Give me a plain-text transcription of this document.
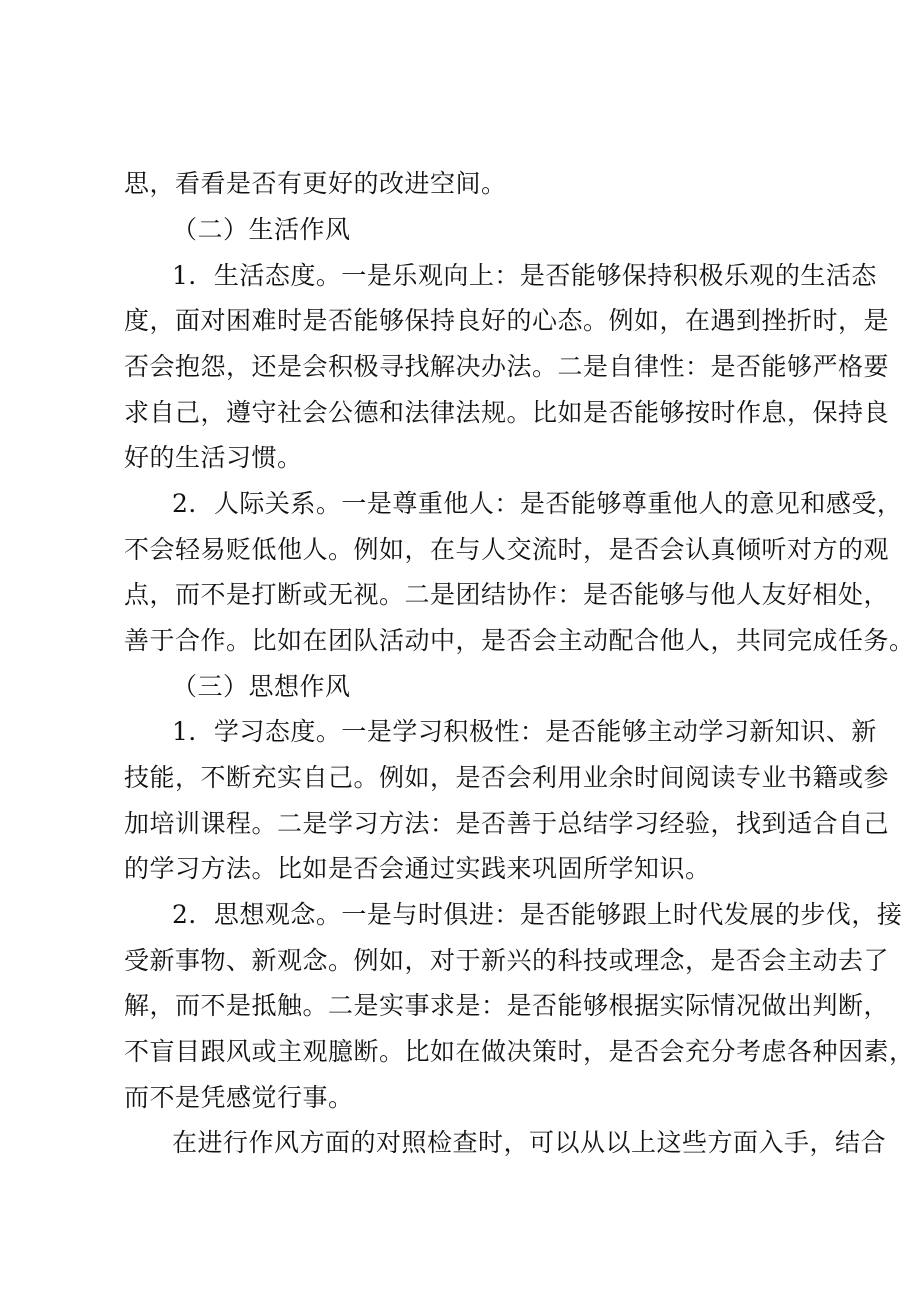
思，看看是否有更好的改进空间。
（二）生活作风
1．生活态度。一是乐观向上：是否能够保持积极乐观的生活态
度，面对困难时是否能够保持良好的心态。例如，在遇到挫折时，是
否会抱怨，还是会积极寻找解决办法。二是自律性：是否能够严格要
求自己，遵守社会公德和法律法规。比如是否能够按时作息，保持良
好的生活习惯。
2．人际关系。一是尊重他人：是否能够尊重他人的意见和感受，
不会轻易贬低他人。例如，在与人交流时，是否会认真倾听对方的观
点，而不是打断或无视。二是团结协作：是否能够与他人友好相处，
善于合作。比如在团队活动中，是否会主动配合他人，共同完成任务。
（三）思想作风
1．学习态度。一是学习积极性：是否能够主动学习新知识、新
技能，不断充实自己。例如，是否会利用业余时间阅读专业书籍或参
加培训课程。二是学习方法：是否善于总结学习经验，找到适合自己
的学习方法。比如是否会通过实践来巩固所学知识。
2．思想观念。一是与时俱进：是否能够跟上时代发展的步伐，接
受新事物、新观念。例如，对于新兴的科技或理念，是否会主动去了
解，而不是抵触。二是实事求是：是否能够根据实际情况做出判断，
不盲目跟风或主观臆断。比如在做决策时，是否会充分考虑各种因素，
而不是凭感觉行事。
在进行作风方面的对照检查时，可以从以上这些方面入手，结合
